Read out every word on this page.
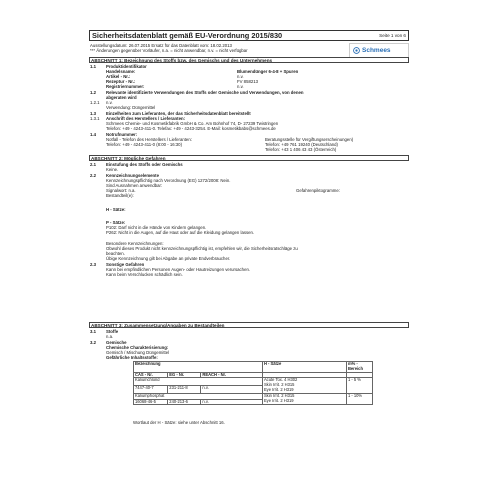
Sicherheitsdatenblatt gemäß EU-Verordnung 2015/830	Seite 1 von 6
Ausstellungsdatum: 26.07.2015 Ersatz für das Datenblatt vom: 18.02.2013
*** Änderungen gegenüber Vorläufer, n.a. = nicht anwendbar, n.v. = nicht verfügbar	Schmees
ABSCHNITT 1: Bezeichnung des Stoffs bzw. des Gemischs und des Unternehmens
1.1 Produktidentifikator
Handelsname:	Blumendünger 6-4-8 + Spuren
Artikel - Nr.:	n.v.
Rezeptur - Nr.:	FV 858213
Registriernummer:	n.v.
1.2 Relevante identifizierte Verwendungen des Stoffs oder Gemische und Verwendungen, von denen
abgeraten wird
1.2.1 n.v.
Verwendung: Düngemittel
1.3 Einzelheiten zum Lieferanten, der das Sicherheitsdatenblatt bereitstellt
1.3.1 Anschrift des Herstellers / Lieferanten:
Schmees Chemie- und Kosmetikfabrik GmbH & Co. Am Bohnhof 74, D- 27239 Twistringen
Telefon: +49 - 4243-411-0. Telefax: +49 - 4243-3254. E-Mail: kosmetikbabs@schmees.de
1.4 Notrufnummer:
Notfall - Telefon des Herstellers / Lieferanten:
Telefon: +49 - 4243-411-0 (8:00 - 16:30)
Beratungsstelle für Vergiftungserscheinungen)
Telefon: +49 761 19240 (Deutschland)
Telefon: +43 1 406 43 43 (Österreich)
ABSCHNITT 2: Mögliche Gefahren
2.1 Einstufung des Stoffs oder Gemischs
Keine.
2.2 Kennzeichnungselemente
Kennzeichnungspflichtig nach Verordnung (EG) 1272/2008: Nein.
Sind Ausnahmen anwendbar:
Signalwort: n.a.	Gefahrenpiktogramme:
Bestandteil(e):
H - Sätze:
P - Sätze:
P102: Darf nicht in die Hände von Kindern gelangen.
P262: Nicht in die Augen, auf die Haut oder auf die Kleidung gelangen lassen.
Besondere Kennzeichnungen:
Obwohl dieses Produkt nicht kennzeichnungspflichtig ist, empfehlen wir, die Sicherheitsratschläge zu
beachten.
Übige Kennzeichnung gilt bei Abgabe an private Endverbraucher.
2.3 Sonstige Gefahren
Kann bei empfindlichen Personen Augen- oder Hautreizungen verursachen.
Kann beim Verschlucken schädlich sein.
ABSCHNITT 3: Zusammensetzung/Angaben zu Bestandteilen
3.1 Stoffe
n.a.
3.2 Gemische
Chemische Charakterisierung:
Gemisch / Mischung Düngemittel
Gefährliche Inhaltsstoffe:
Bezeichnung			H - Sätze	m% -
Bereich

CAS - Nr.	EG - Nr.	REACH - Nr.		
Kaliumchlorid			Acute Tox. 4 H302
Skin Irrit. 2 H315
Eye Irrit. 2 H319	1 - 5 %
7447-40-7	231-211-8	n.v.		
Kaliumphosphat			Skin Irrit. 2 H315
Eye Irrit. 2 H319	1 - 10%
16068-46-5	240-213-6	n.v.		
Wortlaut der H - Sätze: siehe unter Abschnitt 16.
